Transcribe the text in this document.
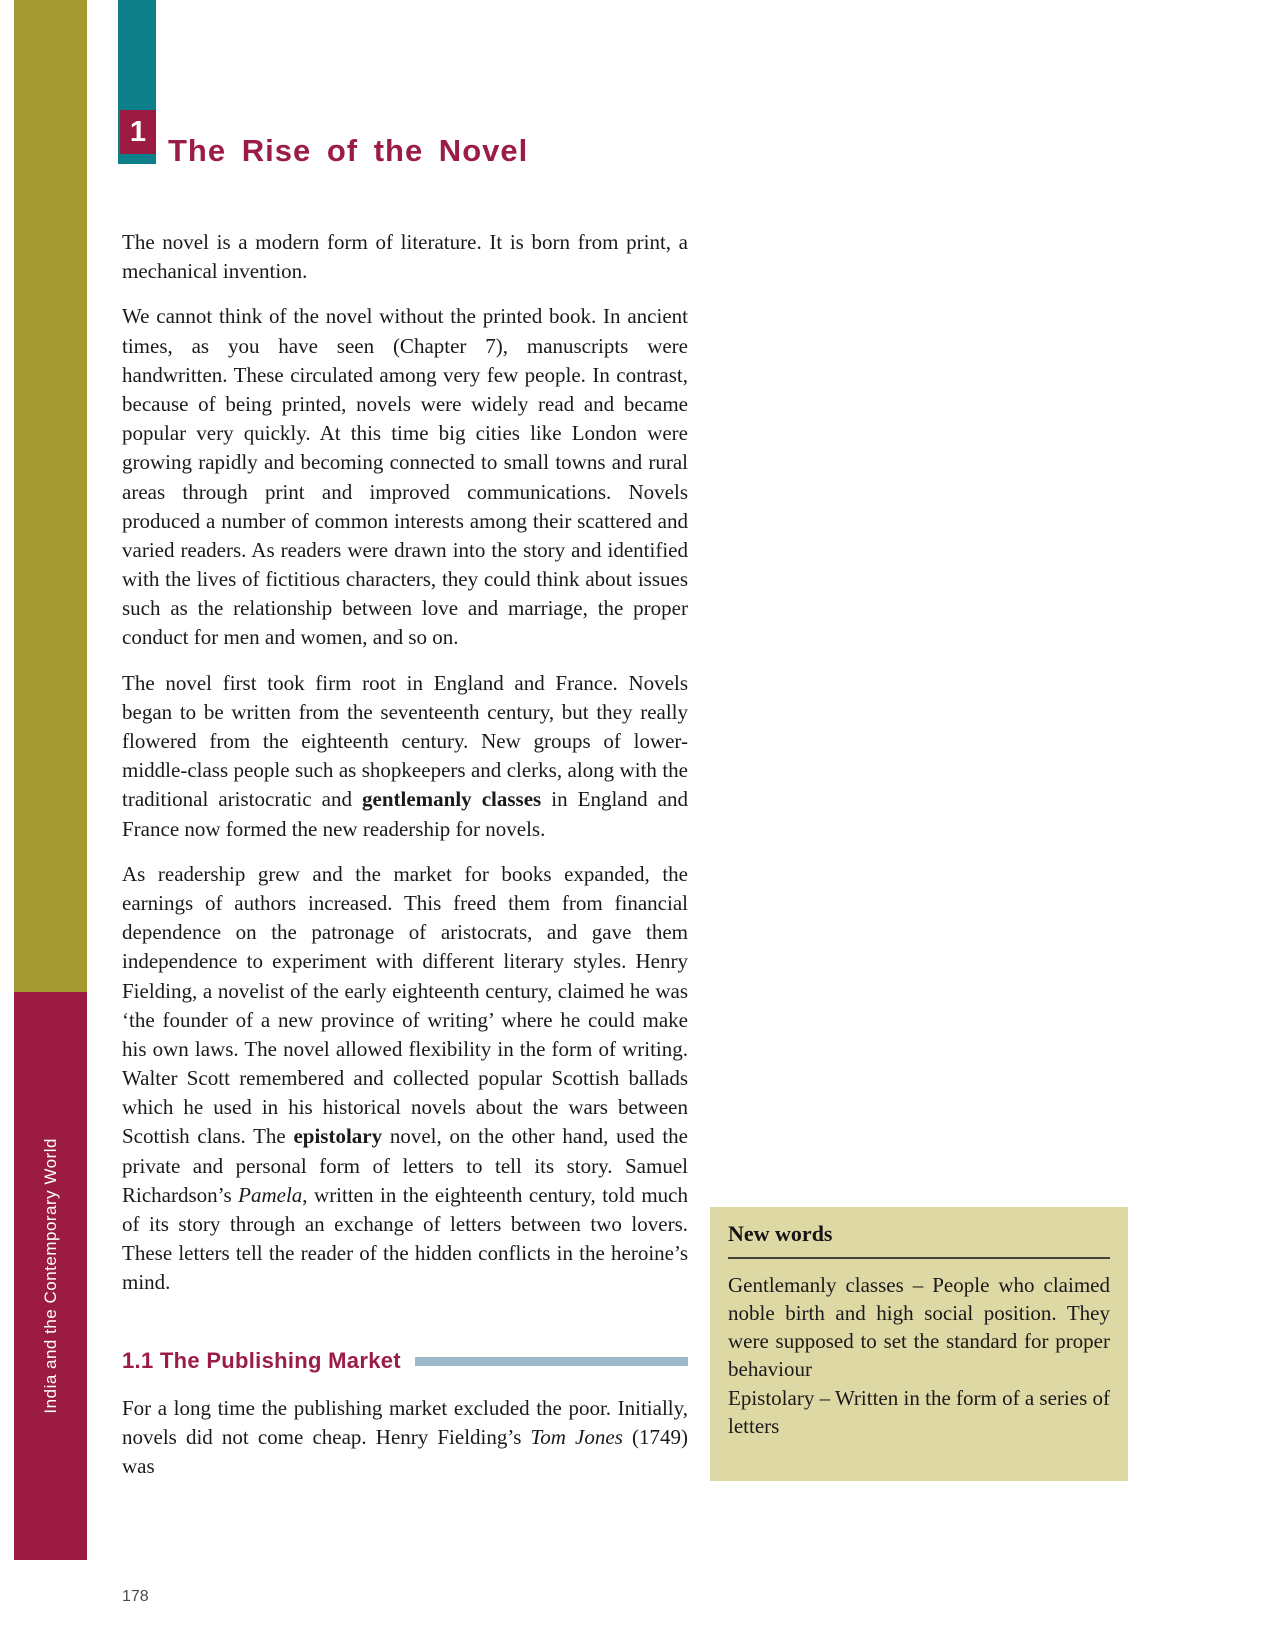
India and the Contemporary World
1
The Rise of the Novel

The novel is a modern form of literature. It is born from print, a mechanical invention.

We cannot think of the novel without the printed book. In ancient times, as you have seen (Chapter 7), manuscripts were handwritten. These circulated among very few people. In contrast, because of being printed, novels were widely read and became popular very quickly. At this time big cities like London were growing rapidly and becoming connected to small towns and rural areas through print and improved communications. Novels produced a number of common interests among their scattered and varied readers. As readers were drawn into the story and identified with the lives of fictitious characters, they could think about issues such as the relationship between love and marriage, the proper conduct for men and women, and so on.

The novel first took firm root in England and France. Novels began to be written from the seventeenth century, but they really flowered from the eighteenth century. New groups of lower-middle-class people such as shopkeepers and clerks, along with the traditional aristocratic and gentlemanly classes in England and France now formed the new readership for novels.

As readership grew and the market for books expanded, the earnings of authors increased. This freed them from financial dependence on the patronage of aristocrats, and gave them independence to experiment with different literary styles. Henry Fielding, a novelist of the early eighteenth century, claimed he was ‘the founder of a new province of writing’ where he could make his own laws. The novel allowed flexibility in the form of writing. Walter Scott remembered and collected popular Scottish ballads which he used in his historical novels about the wars between Scottish clans. The epistolary novel, on the other hand, used the private and personal form of letters to tell its story. Samuel Richardson’s Pamela, written in the eighteenth century, told much of its story through an exchange of letters between two lovers. These letters tell the reader of the hidden conflicts in the heroine’s mind.

1.1 The Publishing Market

For a long time the publishing market excluded the poor. Initially, novels did not come cheap. Henry Fielding’s Tom Jones (1749) was

New words

Gentlemanly classes – People who claimed noble birth and high social position. They were supposed to set the standard for proper behaviour

Epistolary – Written in the form of a series of letters

178
